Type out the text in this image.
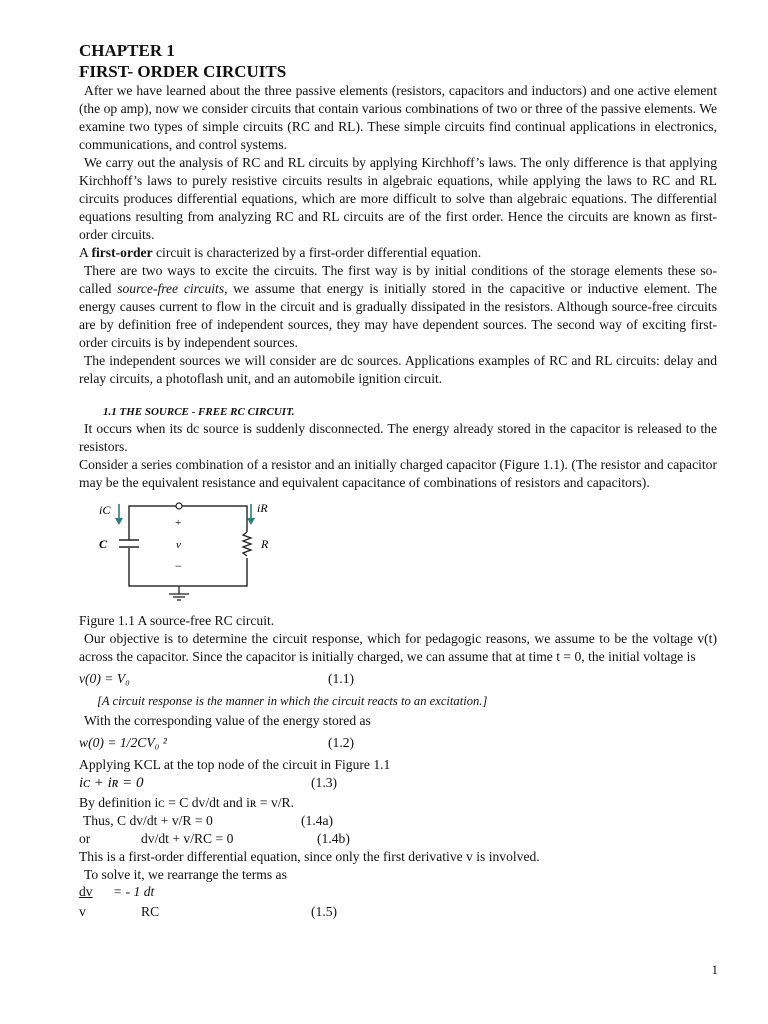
CHAPTER 1
FIRST- ORDER CIRCUITS

After we have learned about the three passive elements (resistors, capacitors and inductors) and one active element (the op amp), now we consider circuits that contain various combinations of two or three of the passive elements. We examine two types of simple circuits (RC and RL). These simple circuits find continual applications in electronics, communications, and control systems.

We carry out the analysis of RC and RL circuits by applying Kirchhoff’s laws. The only difference is that applying Kirchhoff’s laws to purely resistive circuits results in algebraic equations, while applying the laws to RC and RL circuits produces differential equations, which are more difficult to solve than algebraic equations. The differential equations resulting from analyzing RC and RL circuits are of the first order. Hence the circuits are known as first-order circuits.

A first-order circuit is characterized by a first-order differential equation.

There are two ways to excite the circuits. The first way is by initial conditions of the storage elements these so-called source-free circuits, we assume that energy is initially stored in the capacitive or inductive element. The energy causes current to flow in the circuit and is gradually dissipated in the resistors. Although source-free circuits are by definition free of independent sources, they may have dependent sources. The second way of exciting first-order circuits is by independent sources.

The independent sources we will consider are dc sources. Applications examples of RC and RL circuits: delay and relay circuits, a photoflash unit, and an automobile ignition circuit.

1.1 THE SOURCE - FREE RC CIRCUIT.

It occurs when its dc source is suddenly disconnected. The energy already stored in the capacitor is released to the resistors.

Consider a series combination of a resistor and an initially charged capacitor (Figure 1.1). (The resistor and capacitor may be the equivalent resistance and equivalent capacitance of combinations of resistors and capacitors).

iC	iR
C	R
+
v
−

Figure 1.1 A source-free RC circuit.

Our objective is to determine the circuit response, which for pedagogic reasons, we assume to be the voltage v(t) across the capacitor. Since the capacitor is initially charged, we can assume that at time t = 0, the initial voltage is

v(0) = V₀	(1.1)
[A circuit response is the manner in which the circuit reacts to an excitation.]

With the corresponding value of the energy stored as

w(0) = 1/2CV₀ ²	(1.2)

Applying KCL at the top node of the circuit in Figure 1.1

iᴄ + iʀ = 0	(1.3)

By definition iᴄ = C dv/dt and iʀ = v/R.

Thus, C dv/dt + v/R = 0	(1.4a)
or	dv/dt + v/RC = 0	(1.4b)

This is a first-order differential equation, since only the first derivative v is involved.

To solve it, we rearrange the terms as

dv = - 1 dt
v	RC	(1.5)
1
